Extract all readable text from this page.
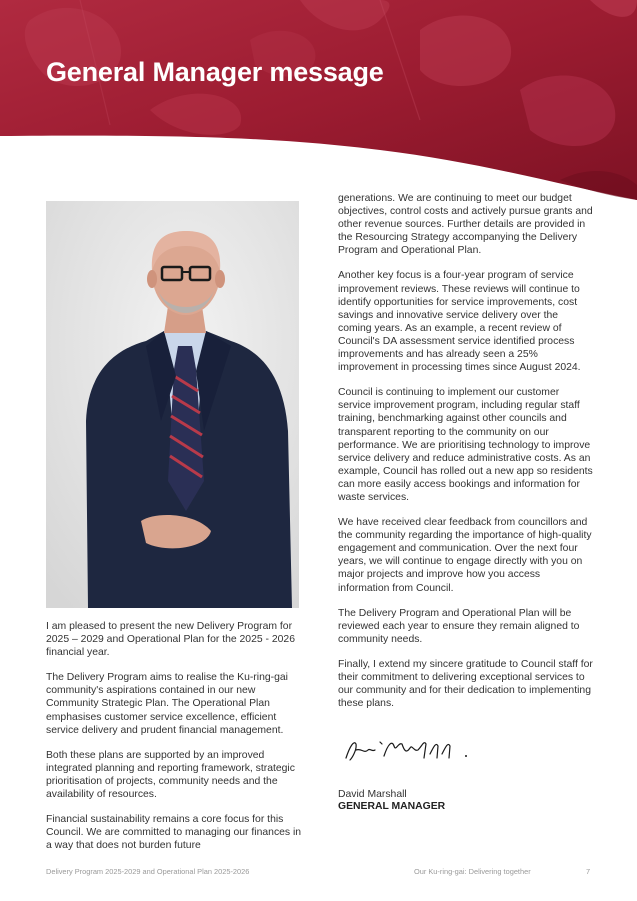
General Manager message

I am pleased to present the new Delivery Program for 2025 – 2029 and Operational Plan for the 2025 - 2026 financial year.

The Delivery Program aims to realise the Ku-ring-gai community's aspirations contained in our new Community Strategic Plan. The Operational Plan emphasises customer service excellence, efficient service delivery and prudent financial management.

Both these plans are supported by an improved integrated planning and reporting framework, strategic prioritisation of projects, community needs and the availability of resources.

Financial sustainability remains a core focus for this Council. We are committed to managing our finances in a way that does not burden future

generations. We are continuing to meet our budget objectives, control costs and actively pursue grants and other revenue sources. Further details are provided in the Resourcing Strategy accompanying the Delivery Program and Operational Plan.

Another key focus is a four-year program of service improvement reviews. These reviews will continue to identify opportunities for service improvements, cost savings and innovative service delivery over the coming years. As an example, a recent review of Council's DA assessment service identified process improvements and has already seen a 25% improvement in processing times since August 2024.

Council is continuing to implement our customer service improvement program, including regular staff training, benchmarking against other councils and transparent reporting to the community on our performance. We are prioritising technology to improve service delivery and reduce administrative costs. As an example, Council has rolled out a new app so residents can more easily access bookings and information for waste services.

We have received clear feedback from councillors and the community regarding the importance of high-quality engagement and communication. Over the next four years, we will continue to engage directly with you on major projects and improve how you access information from Council.

The Delivery Program and Operational Plan will be reviewed each year to ensure they remain aligned to community needs.

Finally, I extend my sincere gratitude to Council staff for their commitment to delivering exceptional services to our community and for their dedication to implementing these plans.

David Marshall
GENERAL MANAGER
Delivery Program 2025-2029 and Operational Plan 2025-2026	Our Ku-ring-gai: Delivering together	7
